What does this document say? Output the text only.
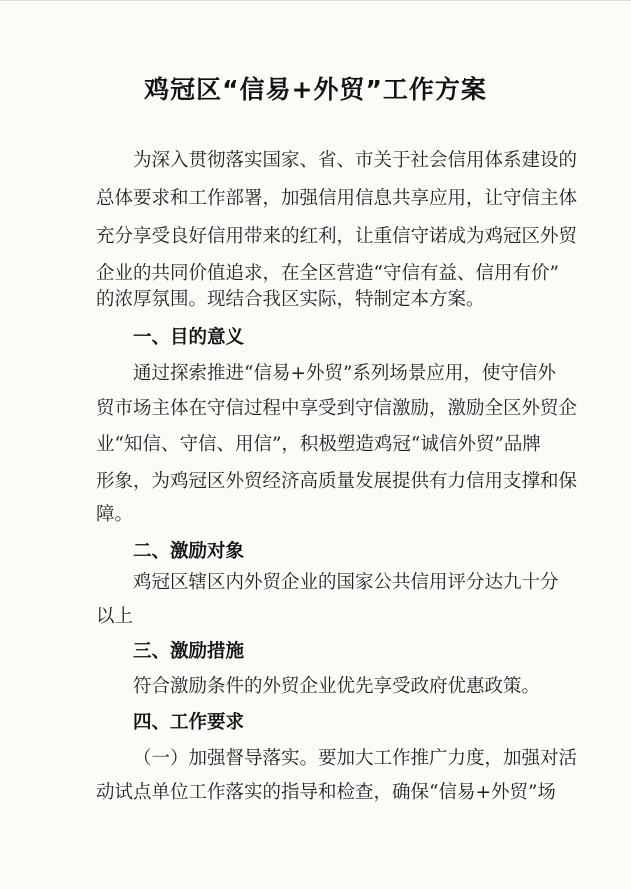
鸡冠区“信易+外贸”工作方案
为深入贯彻落实国家、省、市关于社会信用体系建设的
总体要求和工作部署，加强信用信息共享应用，让守信主体
充分享受良好信用带来的红利，让重信守诺成为鸡冠区外贸
企业的共同价值追求，在全区营造“守信有益、信用有价”
的浓厚氛围。现结合我区实际，特制定本方案。
一、目的意义
通过探索推进“信易+外贸”系列场景应用，使守信外
贸市场主体在守信过程中享受到守信激励，激励全区外贸企
业“知信、守信、用信”，积极塑造鸡冠“诚信外贸”品牌
形象，为鸡冠区外贸经济高质量发展提供有力信用支撑和保
障。
二、激励对象
鸡冠区辖区内外贸企业的国家公共信用评分达九十分
以上
三、激励措施
符合激励条件的外贸企业优先享受政府优惠政策。
四、工作要求
（一）加强督导落实。要加大工作推广力度，加强对活
动试点单位工作落实的指导和检查，确保“信易+外贸”场
